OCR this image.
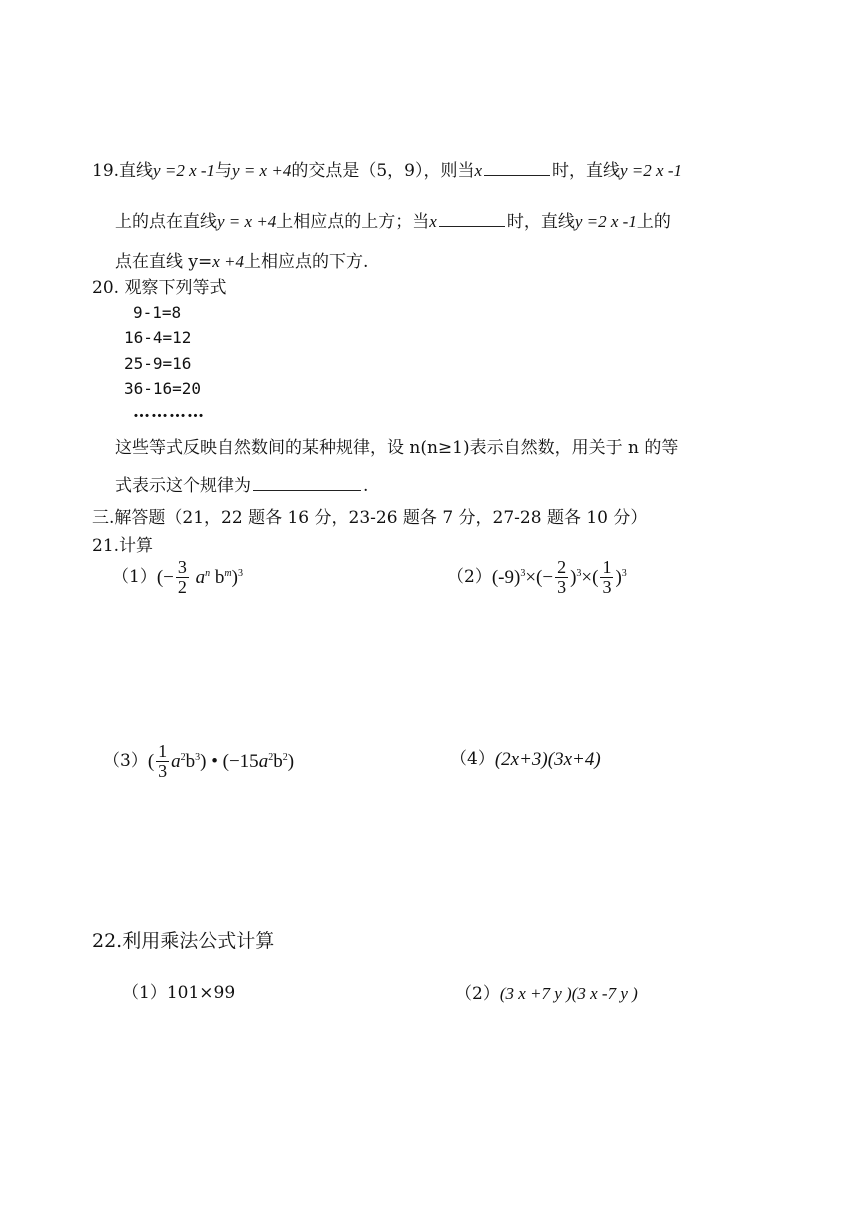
19.直线y =2 x -1与y = x +4的交点是（5，9），则当x	时，直线y =2 x -1
上的点在直线y = x +4上相应点的上方；当x	时，直线y =2 x -1上的
点在直线 y=x +4上相应点的下方.
20. 观察下列等式
9-1=8
16-4=12
25-9=16
36-16=20
…………
这些等式反映自然数间的某种规律，设 n(n≥1)表示自然数，用关于 n 的等
式表示这个规律为	.
三.解答题（21，22 题各 16 分，23-26 题各 7 分，27-28 题各 10 分）
21.计算
（1） (− $\frac{3}{2} a^n$ $b^m)^3$	（2） $(-9)^3\times(- \frac{2}{3} )^3\times( \frac{1}{3} )^3$
（3） ( $\frac{1}{3} a^2b^3$) • $(-15a^2b^2)$	（4） (2x+3)(3x+4)
22.利用乘法公式计算
（1）101×99	（2）(3 x +7 y )(3 x -7 y )
